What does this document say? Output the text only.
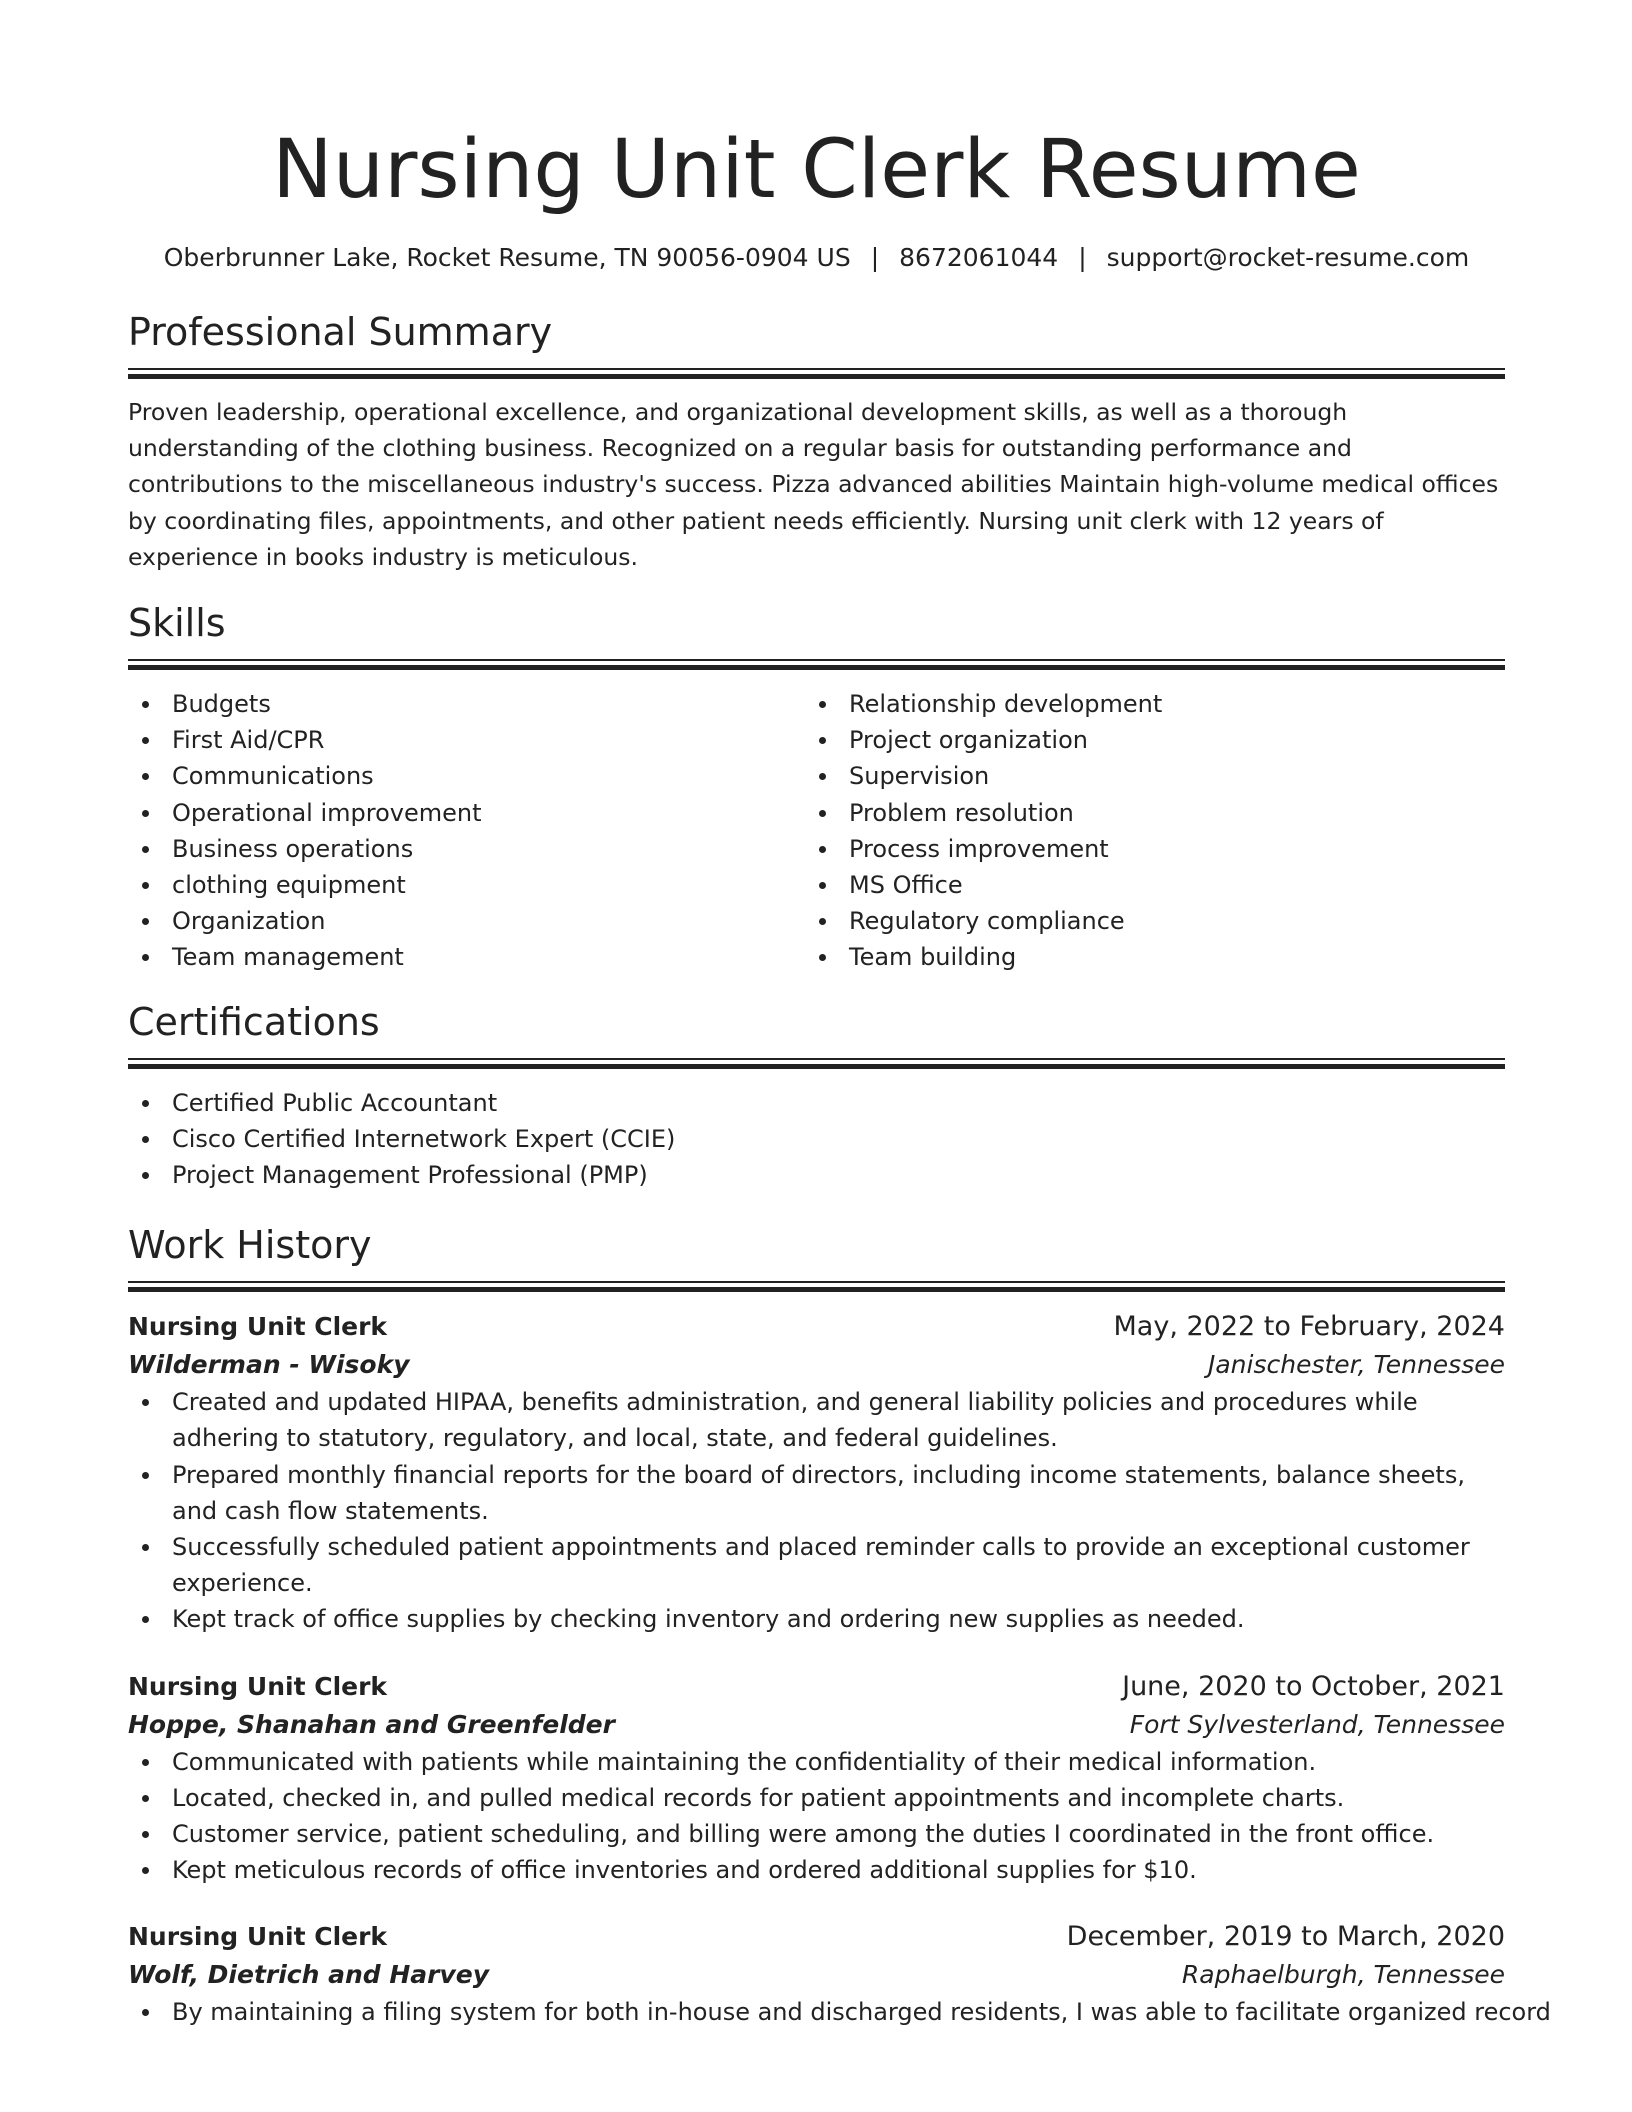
Nursing Unit Clerk Resume
Oberbrunner Lake, Rocket Resume, TN 90056-0904 US | 8672061044 | support@rocket-resume.com
Professional Summary

Proven leadership, operational excellence, and organizational development skills, as well as a thorough understanding of the clothing business. Recognized on a regular basis for outstanding performance and contributions to the miscellaneous industry's success. Pizza advanced abilities Maintain high-volume medical offices by coordinating files, appointments, and other patient needs efficiently. Nursing unit clerk with 12 years of experience in books industry is meticulous.

Skills
Budgets
First Aid/CPR
Communications
Operational improvement
Business operations
clothing equipment
Organization
Team management
Relationship development
Project organization
Supervision
Problem resolution
Process improvement
MS Office
Regulatory compliance
Team building
Certifications
Certified Public Accountant
Cisco Certified Internetwork Expert (CCIE)
Project Management Professional (PMP)
Work History
Nursing Unit Clerk	May, 2022 to February, 2024
Wilderman - Wisoky	Janischester, Tennessee
Created and updated HIPAA, benefits administration, and general liability policies and procedures while adhering to statutory, regulatory, and local, state, and federal guidelines.
Prepared monthly financial reports for the board of directors, including income statements, balance sheets, and cash flow statements.
Successfully scheduled patient appointments and placed reminder calls to provide an exceptional customer experience.
Kept track of office supplies by checking inventory and ordering new supplies as needed.
Nursing Unit Clerk	June, 2020 to October, 2021
Hoppe, Shanahan and Greenfelder	Fort Sylvesterland, Tennessee
Communicated with patients while maintaining the confidentiality of their medical information.
Located, checked in, and pulled medical records for patient appointments and incomplete charts.
Customer service, patient scheduling, and billing were among the duties I coordinated in the front office.
Kept meticulous records of office inventories and ordered additional supplies for $10.
Nursing Unit Clerk	December, 2019 to March, 2020
Wolf, Dietrich and Harvey	Raphaelburgh, Tennessee
By maintaining a filing system for both in-house and discharged residents, I was able to facilitate organized record
